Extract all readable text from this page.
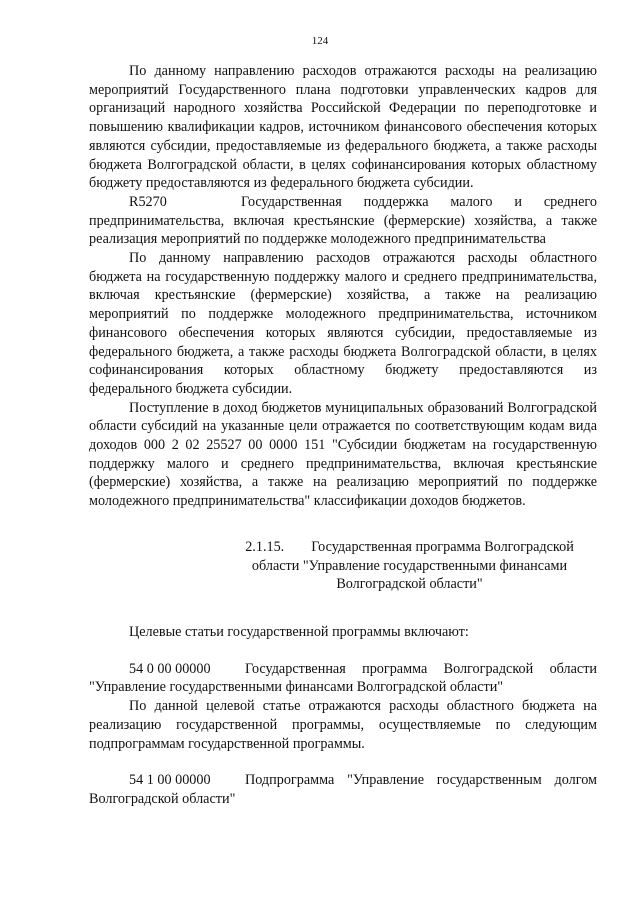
124

По данному направлению расходов отражаются расходы на реализацию мероприятий Государственного плана подготовки управленческих кадров для организаций народного хозяйства Российской Федерации по переподготовке и повышению квалификации кадров, источником финансового обеспечения которых являются субсидии, предоставляемые из федерального бюджета, а также расходы бюджета Волгоградской области, в целях софинансирования которых областному бюджету предоставляются из федерального бюджета субсидии.

R5270	Государственная поддержка малого и среднего предпринимательства, включая крестьянские (фермерские) хозяйства, а также реализация мероприятий по поддержке молодежного предпринимательства

По данному направлению расходов отражаются расходы областного бюджета на государственную поддержку малого и среднего предпринимательства, включая крестьянские (фермерские) хозяйства, а также на реализацию мероприятий по поддержке молодежного предпринимательства, источником финансового обеспечения которых являются субсидии, предоставляемые из федерального бюджета, а также расходы бюджета Волгоградской области, в целях софинансирования которых областному бюджету предоставляются из федерального бюджета субсидии.

Поступление в доход бюджетов муниципальных образований Волгоградской области субсидий на указанные цели отражается по соответствующим кодам вида доходов 000 2 02 25527 00 0000 151 "Субсидии бюджетам на государственную поддержку малого и среднего предпринимательства, включая крестьянские (фермерские) хозяйства, а также на реализацию мероприятий по поддержке молодежного предпринимательства" классификации доходов бюджетов.

2.1.15. Государственная программа Волгоградской области "Управление государственными финансами Волгоградской области"

Целевые статьи государственной программы включают:

54 0 00 00000 Государственная программа Волгоградской области "Управление государственными финансами Волгоградской области"

По данной целевой статье отражаются расходы областного бюджета на реализацию государственной программы, осуществляемые по следующим подпрограммам государственной программы.

54 1 00 00000 Подпрограмма "Управление государственным долгом Волгоградской области"
